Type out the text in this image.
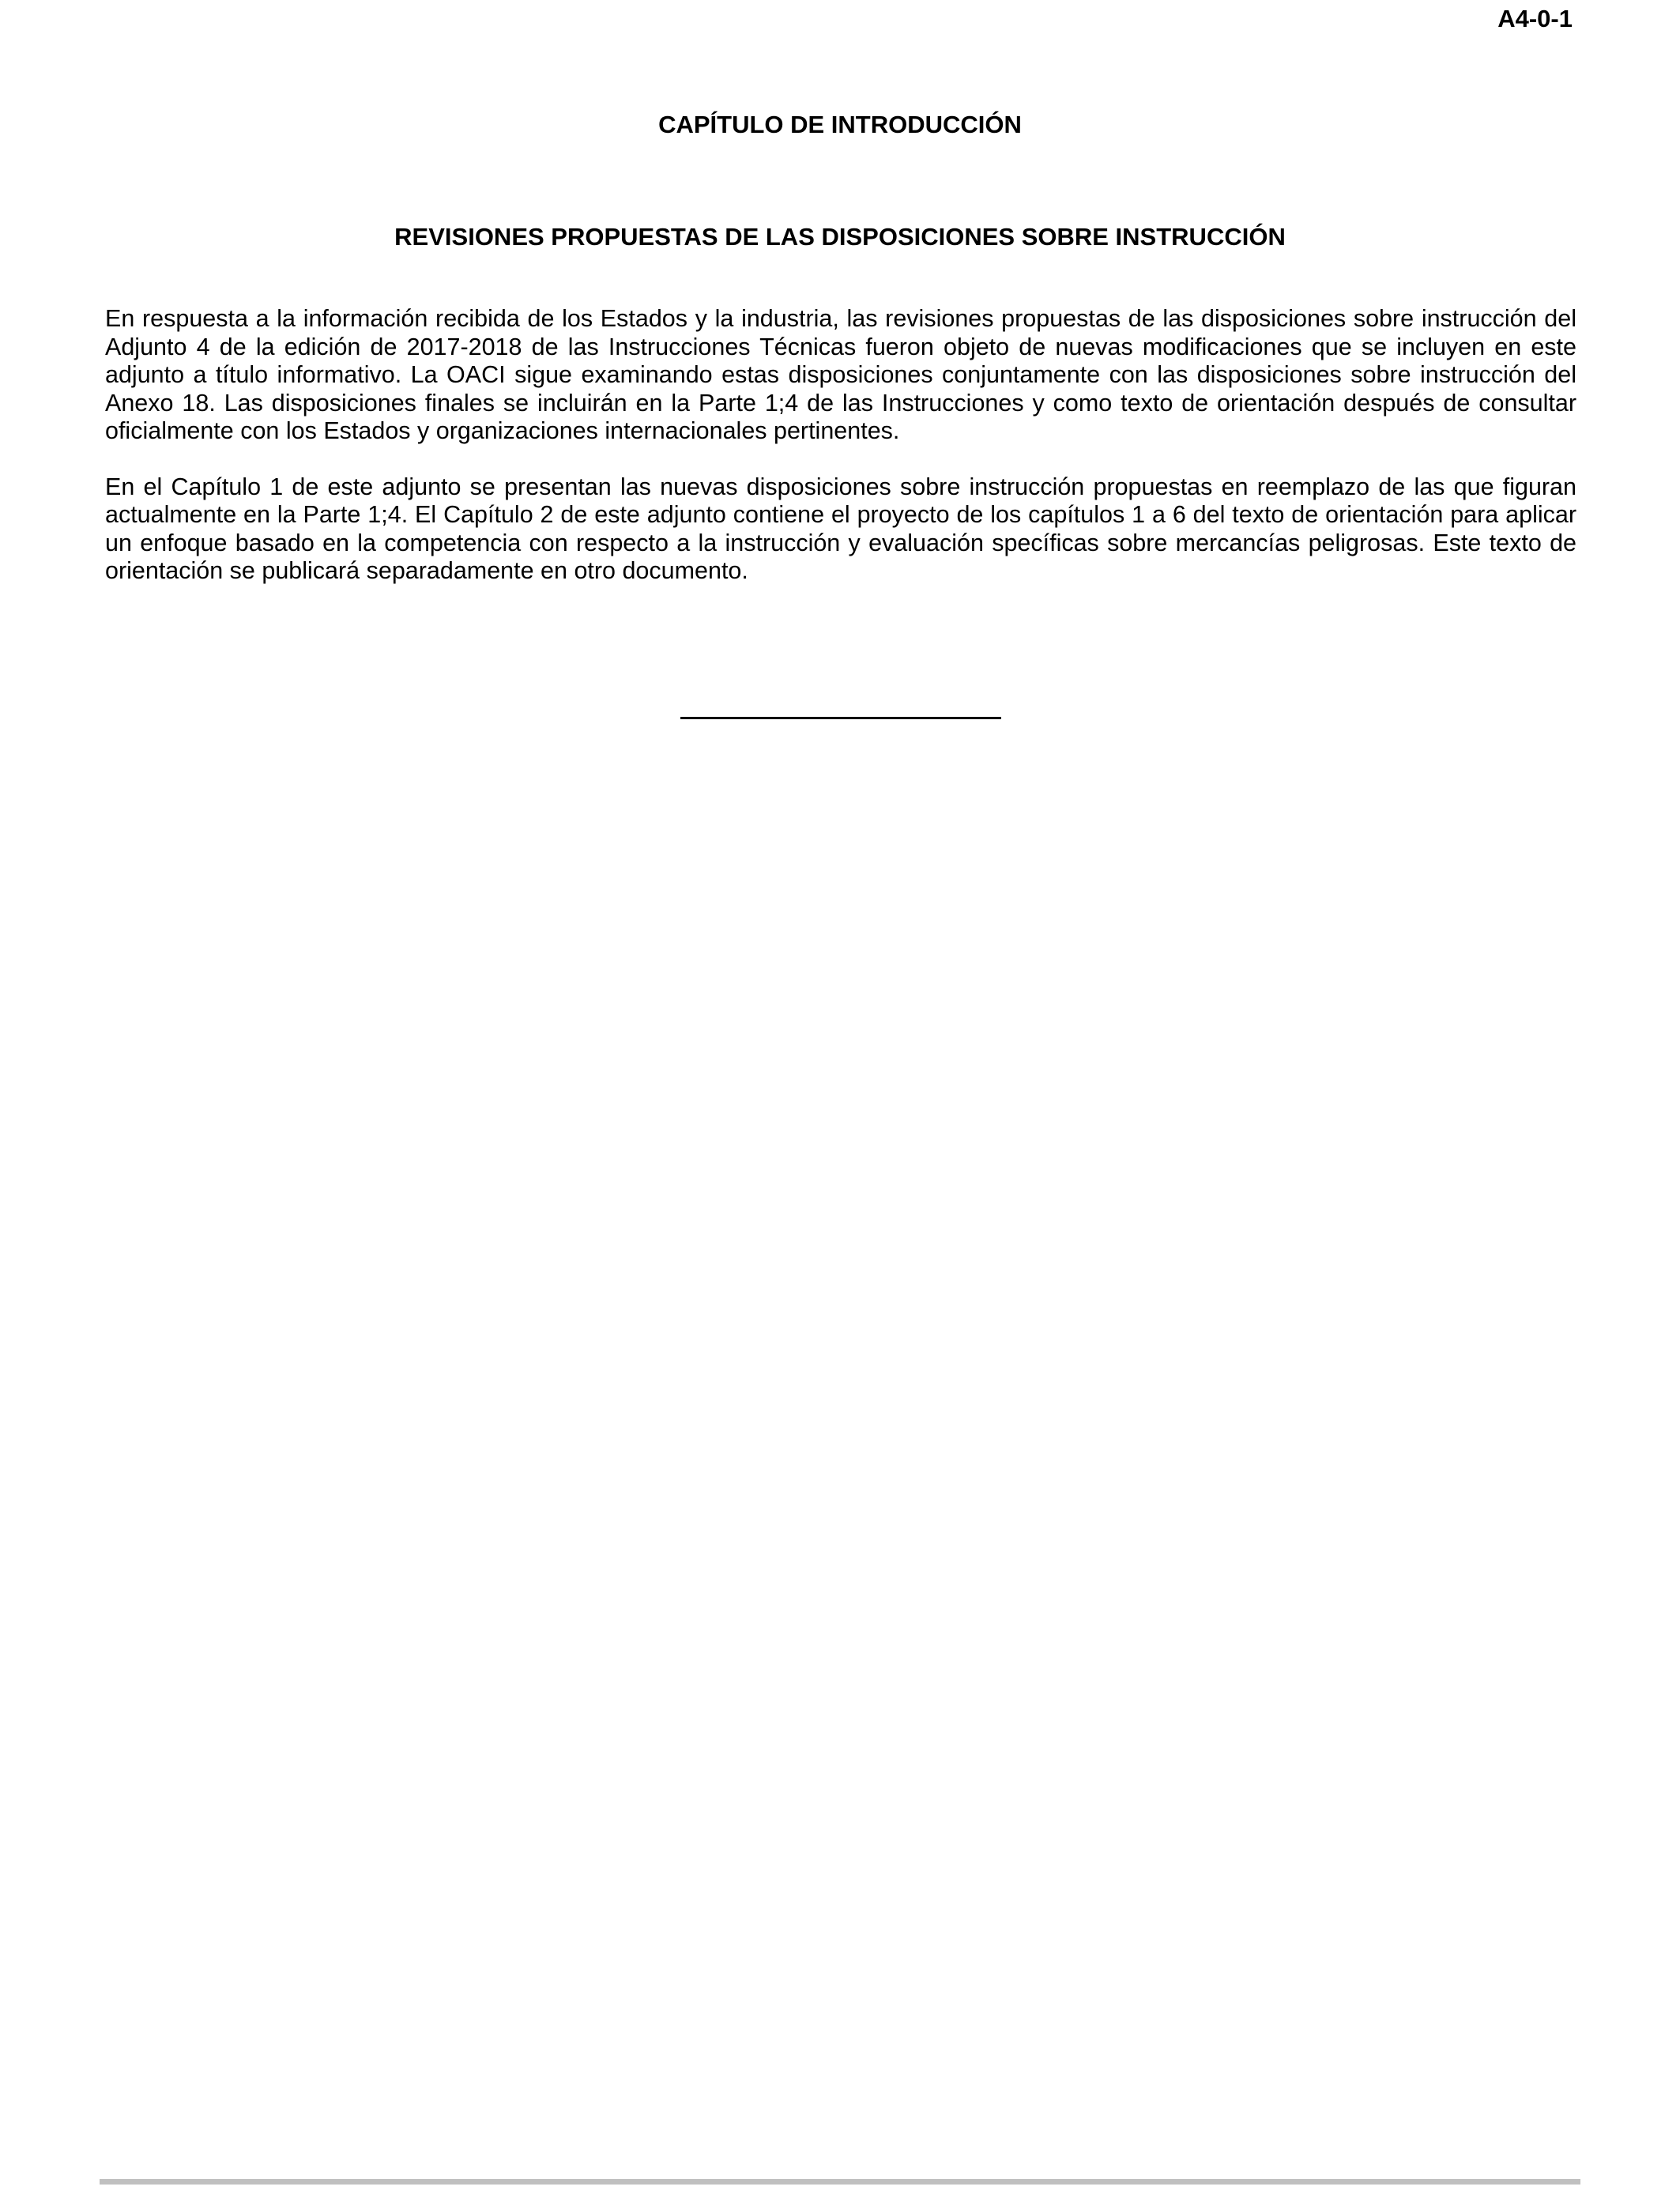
A4-0-1
CAPÍTULO DE INTRODUCCIÓN
REVISIONES PROPUESTAS DE LAS DISPOSICIONES SOBRE INSTRUCCIÓN

En respuesta a la información recibida de los Estados y la industria, las revisiones propuestas de las disposiciones sobre instrucción del Adjunto 4 de la edición de 2017-2018 de las Instrucciones Técnicas fueron objeto de nuevas modificaciones que se incluyen en este adjunto a título informativo. La OACI sigue examinando estas disposiciones conjuntamente con las disposiciones sobre instrucción del Anexo 18. Las disposiciones finales se incluirán en la Parte 1;4 de las Instrucciones y como texto de orientación después de consultar oficialmente con los Estados y organizaciones internacionales pertinentes.

En el Capítulo 1 de este adjunto se presentan las nuevas disposiciones sobre instrucción propuestas en reemplazo de las que figuran actualmente en la Parte 1;4. El Capítulo 2 de este adjunto contiene el proyecto de los capítulos 1 a 6 del texto de orientación para aplicar un enfoque basado en la competencia con respecto a la instrucción y evaluación specíficas sobre mercancías peligrosas. Este texto de orientación se publicará separadamente en otro documento.
